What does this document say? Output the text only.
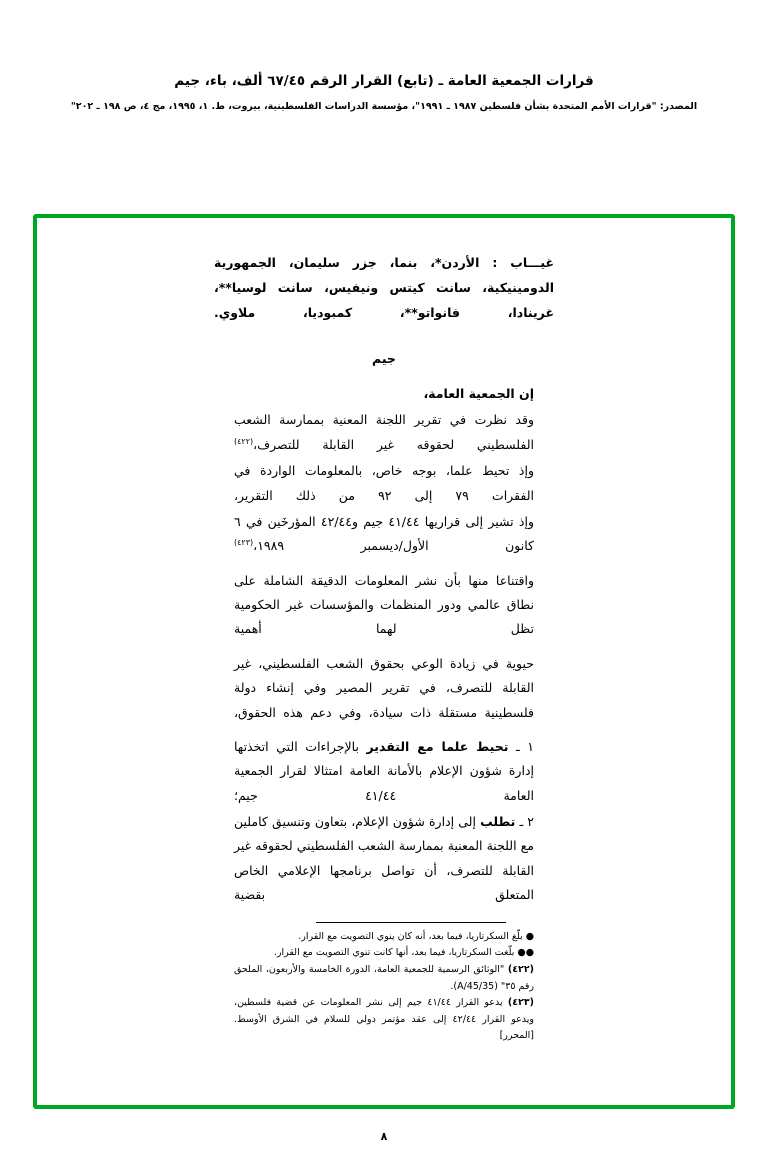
قرارات الجمعية العامة ـ (تابع) القرار الرقم ٦٧/٤٥ ألف، باء، جيم
المصدر: "قرارات الأمم المتحدة بشأن فلسطين ١٩٨٧ ـ ١٩٩١"، مؤسسة الدراسات الفلسطينية، بيروت، ط. ١، ١٩٩٥، مج ٤، ص ١٩٨ ـ ٢٠٢"
غيـــاب : الأردن*، بنما، جزر سليمان، الجمهورية الدومينيكية، سانت كيتس ونيفيس، سانت لوسيا**، غرينادا، فانواتو**، كمبوديا، ملاوي.
جيم

إن الجمعية العامة،

وقد نظرت في تقرير اللجنة المعنية بممارسة الشعب الفلسطيني لحقوقه غير القابلة للتصرف،$^{(٤٢٢)}$

وإذ تحيط علما، بوجه خاص، بالمعلومات الواردة في الفقرات ٧٩ إلى ٩٢ من ذلك التقرير،

وإذ تشير إلى قراريها ٤١/٤٤ جيم و٤٢/٤٤ المؤرخَين في ٦ كانون الأول/ديسمبر ١٩٨٩،$^{(٤٢٣)}$

واقتناعا منها بأن نشر المعلومات الدقيقة الشاملة على نطاق عالمي ودور المنظمات والمؤسسات غير الحكومية تظل لهما أهمية

حيوية في زيادة الوعي بحقوق الشعب الفلسطيني، غير القابلة للتصرف، في تقرير المصير وفي إنشاء دولة فلسطينية مستقلة ذات سيادة، وفي دعم هذه الحقوق،

١ ـ تحيط علما مع التقدير بالإجراءات التي اتخذتها إدارة شؤون الإعلام بالأمانة العامة امتثالا لقرار الجمعية العامة ٤١/٤٤ جيم؛

٢ ـ تطلب إلى إدارة شؤون الإعلام، بتعاون وتنسيق كاملين مع اللجنة المعنية بممارسة الشعب الفلسطيني لحقوقه غير القابلة للتصرف، أن تواصل برنامجها الإعلامي الخاص المتعلق بقضية

● بلّغ السكرتاريا، فيما بعد، أنه كان ينوي التصويت مع القرار.

●● بلّغت السكرتاريا، فيما بعد، أنها كانت تنوي التصويت مع القرار.

(٤٢٢) "الوثائق الرسمية للجمعية العامة، الدورة الخامسة والأربعون، الملحق رقم ٣٥" (A/45/35).

(٤٢٣) يدعو القرار ٤١/٤٤ جيم إلى نشر المعلومات عن قضية فلسطين، ويدعو القرار ٤٢/٤٤ إلى عقد مؤتمر دولي للسلام في الشرق الأوسط. [المحرر]

٨
